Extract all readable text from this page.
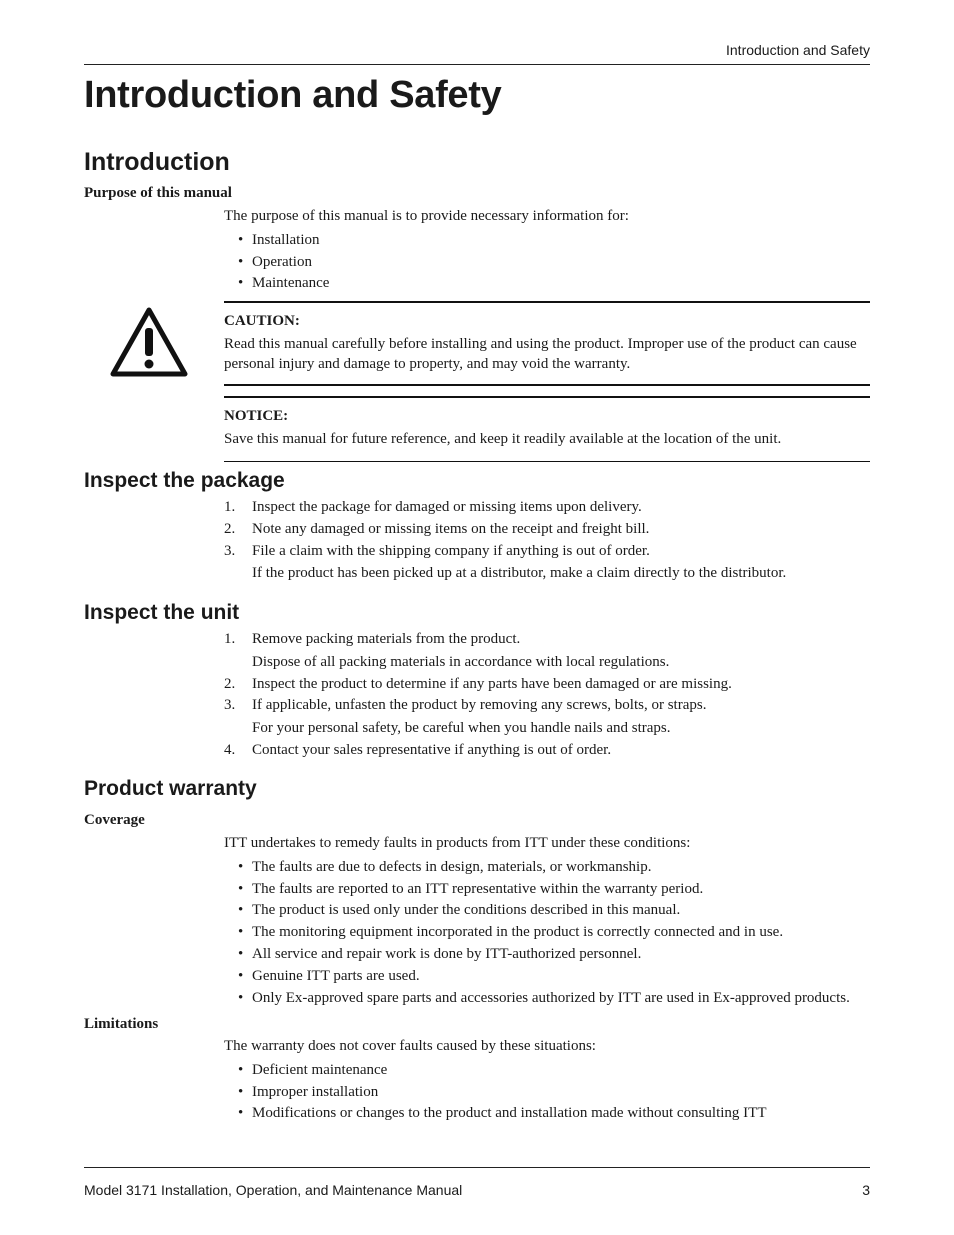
Introduction and Safety
Introduction and Safety
Introduction

Purpose of this manual

The purpose of this manual is to provide necessary information for:

• Installation
• Operation
• Maintenance

CAUTION:

Read this manual carefully before installing and using the product. Improper use of the product can cause personal injury and damage to property, and may void the warranty.

NOTICE:

Save this manual for future reference, and keep it readily available at the location of the unit.

Inspect the package
1.	Inspect the package for damaged or missing items upon delivery.
2.	Note any damaged or missing items on the receipt and freight bill.
3.	File a claim with the shipping company if anything is out of order.
If the product has been picked up at a distributor, make a claim directly to the distributor.
Inspect the unit
1.	Remove packing materials from the product.
Dispose of all packing materials in accordance with local regulations.
2.	Inspect the product to determine if any parts have been damaged or are missing.
3.	If applicable, unfasten the product by removing any screws, bolts, or straps.
For your personal safety, be careful when you handle nails and straps.
4.	Contact your sales representative if anything is out of order.
Product warranty

Coverage

ITT undertakes to remedy faults in products from ITT under these conditions:

• The faults are due to defects in design, materials, or workmanship.
• The faults are reported to an ITT representative within the warranty period.
• The product is used only under the conditions described in this manual.
• The monitoring equipment incorporated in the product is correctly connected and in use.
• All service and repair work is done by ITT-authorized personnel.
• Genuine ITT parts are used.
• Only Ex-approved spare parts and accessories authorized by ITT are used in Ex-approved products.

Limitations

The warranty does not cover faults caused by these situations:

• Deficient maintenance
• Improper installation
• Modifications or changes to the product and installation made without consulting ITT
Model 3171 Installation, Operation, and Maintenance Manual	3
